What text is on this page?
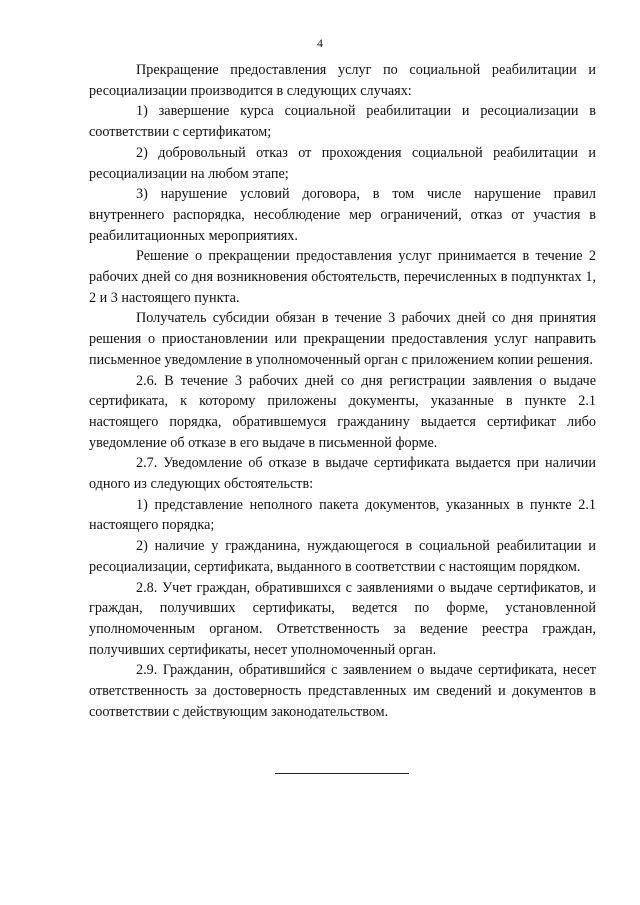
4

Прекращение предоставления услуг по социальной реабилитации и ресоциализации производится в следующих случаях:

1) завершение курса социальной реабилитации и ресоциализации в соответствии с сертификатом;

2) добровольный отказ от прохождения социальной реабилитации и ресоциализации на любом этапе;

3) нарушение условий договора, в том числе нарушение правил внутреннего распорядка, несоблюдение мер ограничений, отказ от участия в реабилитационных мероприятиях.

Решение о прекращении предоставления услуг принимается в течение 2 рабочих дней со дня возникновения обстоятельств, перечисленных в подпунктах 1, 2 и 3 настоящего пункта.

Получатель субсидии обязан в течение 3 рабочих дней со дня принятия решения о приостановлении или прекращении предоставления услуг направить письменное уведомление в уполномоченный орган с приложением копии решения.

2.6. В течение 3 рабочих дней со дня регистрации заявления о выдаче сертификата, к которому приложены документы, указанные в пункте 2.1 настоящего порядка, обратившемуся гражданину выдается сертификат либо уведомление об отказе в его выдаче в письменной форме.

2.7. Уведомление об отказе в выдаче сертификата выдается при наличии одного из следующих обстоятельств:

1) представление неполного пакета документов, указанных в пункте 2.1 настоящего порядка;

2) наличие у гражданина, нуждающегося в социальной реабилитации и ресоциализации, сертификата, выданного в соответствии с настоящим порядком.

2.8. Учет граждан, обратившихся с заявлениями о выдаче сертификатов, и граждан, получивших сертификаты, ведется по форме, установленной уполномоченным органом. Ответственность за ведение реестра граждан, получивших сертификаты, несет уполномоченный орган.

2.9. Гражданин, обратившийся с заявлением о выдаче сертификата, несет ответственность за достоверность представленных им сведений и документов в соответствии с действующим законодательством.
